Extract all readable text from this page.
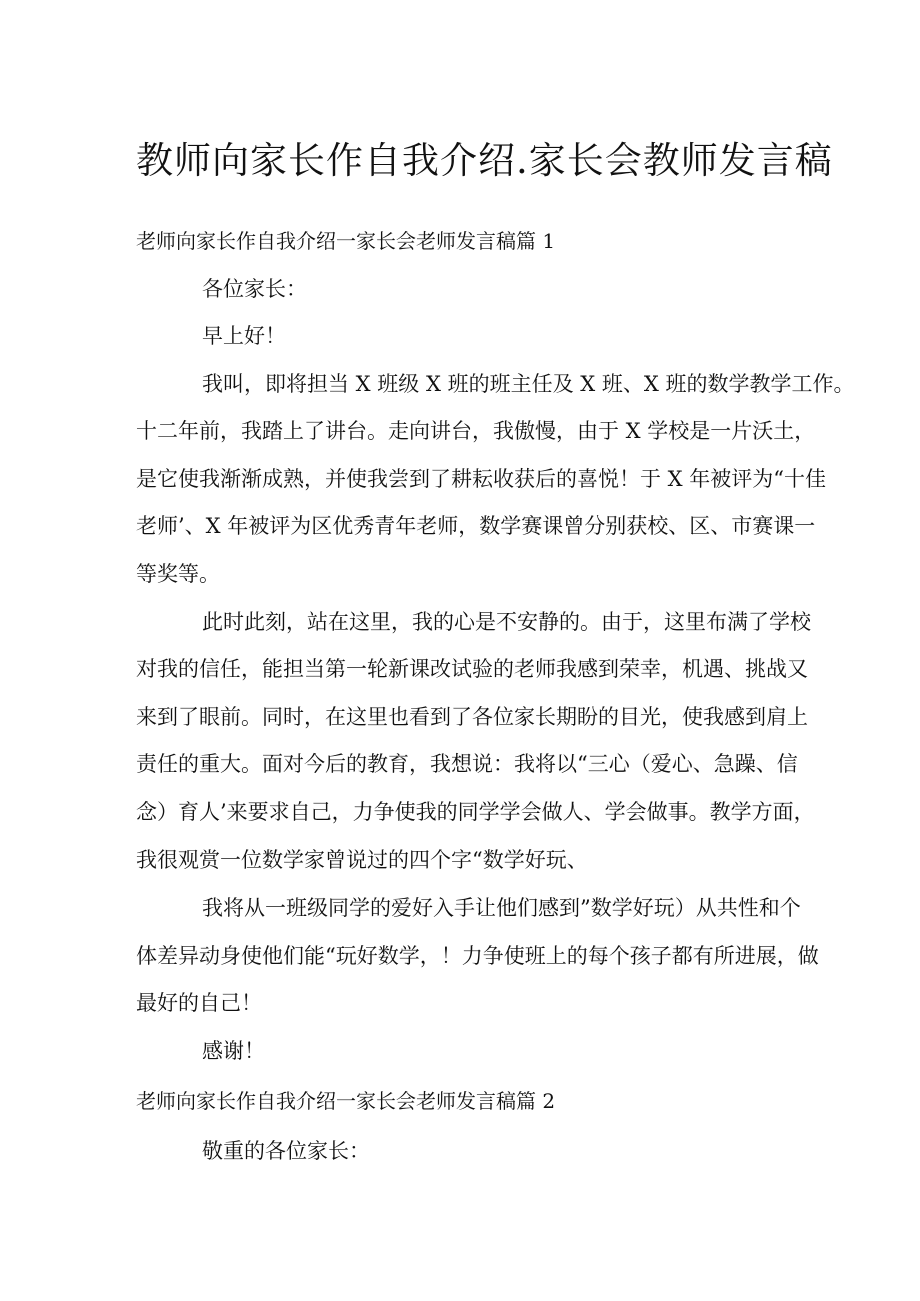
教师向家长作自我介绍.家长会教师发言稿

老师向家长作自我介绍一家长会老师发言稿篇 1

各位家长：

早上好！

我叫，即将担当 X 班级 X 班的班主任及 X 班、X 班的数学教学工作。

十二年前，我踏上了讲台。走向讲台，我傲慢，由于 X 学校是一片沃土，

是它使我渐渐成熟，并使我尝到了耕耘收获后的喜悦！于 X 年被评为“十佳

老师’、X 年被评为区优秀青年老师，数学赛课曾分别获校、区、市赛课一

等奖等。

此时此刻，站在这里，我的心是不安静的。由于，这里布满了学校

对我的信任，能担当第一轮新课改试验的老师我感到荣幸，机遇、挑战又

来到了眼前。同时，在这里也看到了各位家长期盼的目光，使我感到肩上

责任的重大。面对今后的教育，我想说：我将以“三心（爱心、急躁、信

念）育人’来要求自己，力争使我的同学学会做人、学会做事。教学方面，

我很观赏一位数学家曾说过的四个字“数学好玩、

我将从一班级同学的爱好入手让他们感到”数学好玩）从共性和个

体差异动身使他们能“玩好数学，！力争使班上的每个孩子都有所进展，做

最好的自己！

感谢！

老师向家长作自我介绍一家长会老师发言稿篇 2

敬重的各位家长：
